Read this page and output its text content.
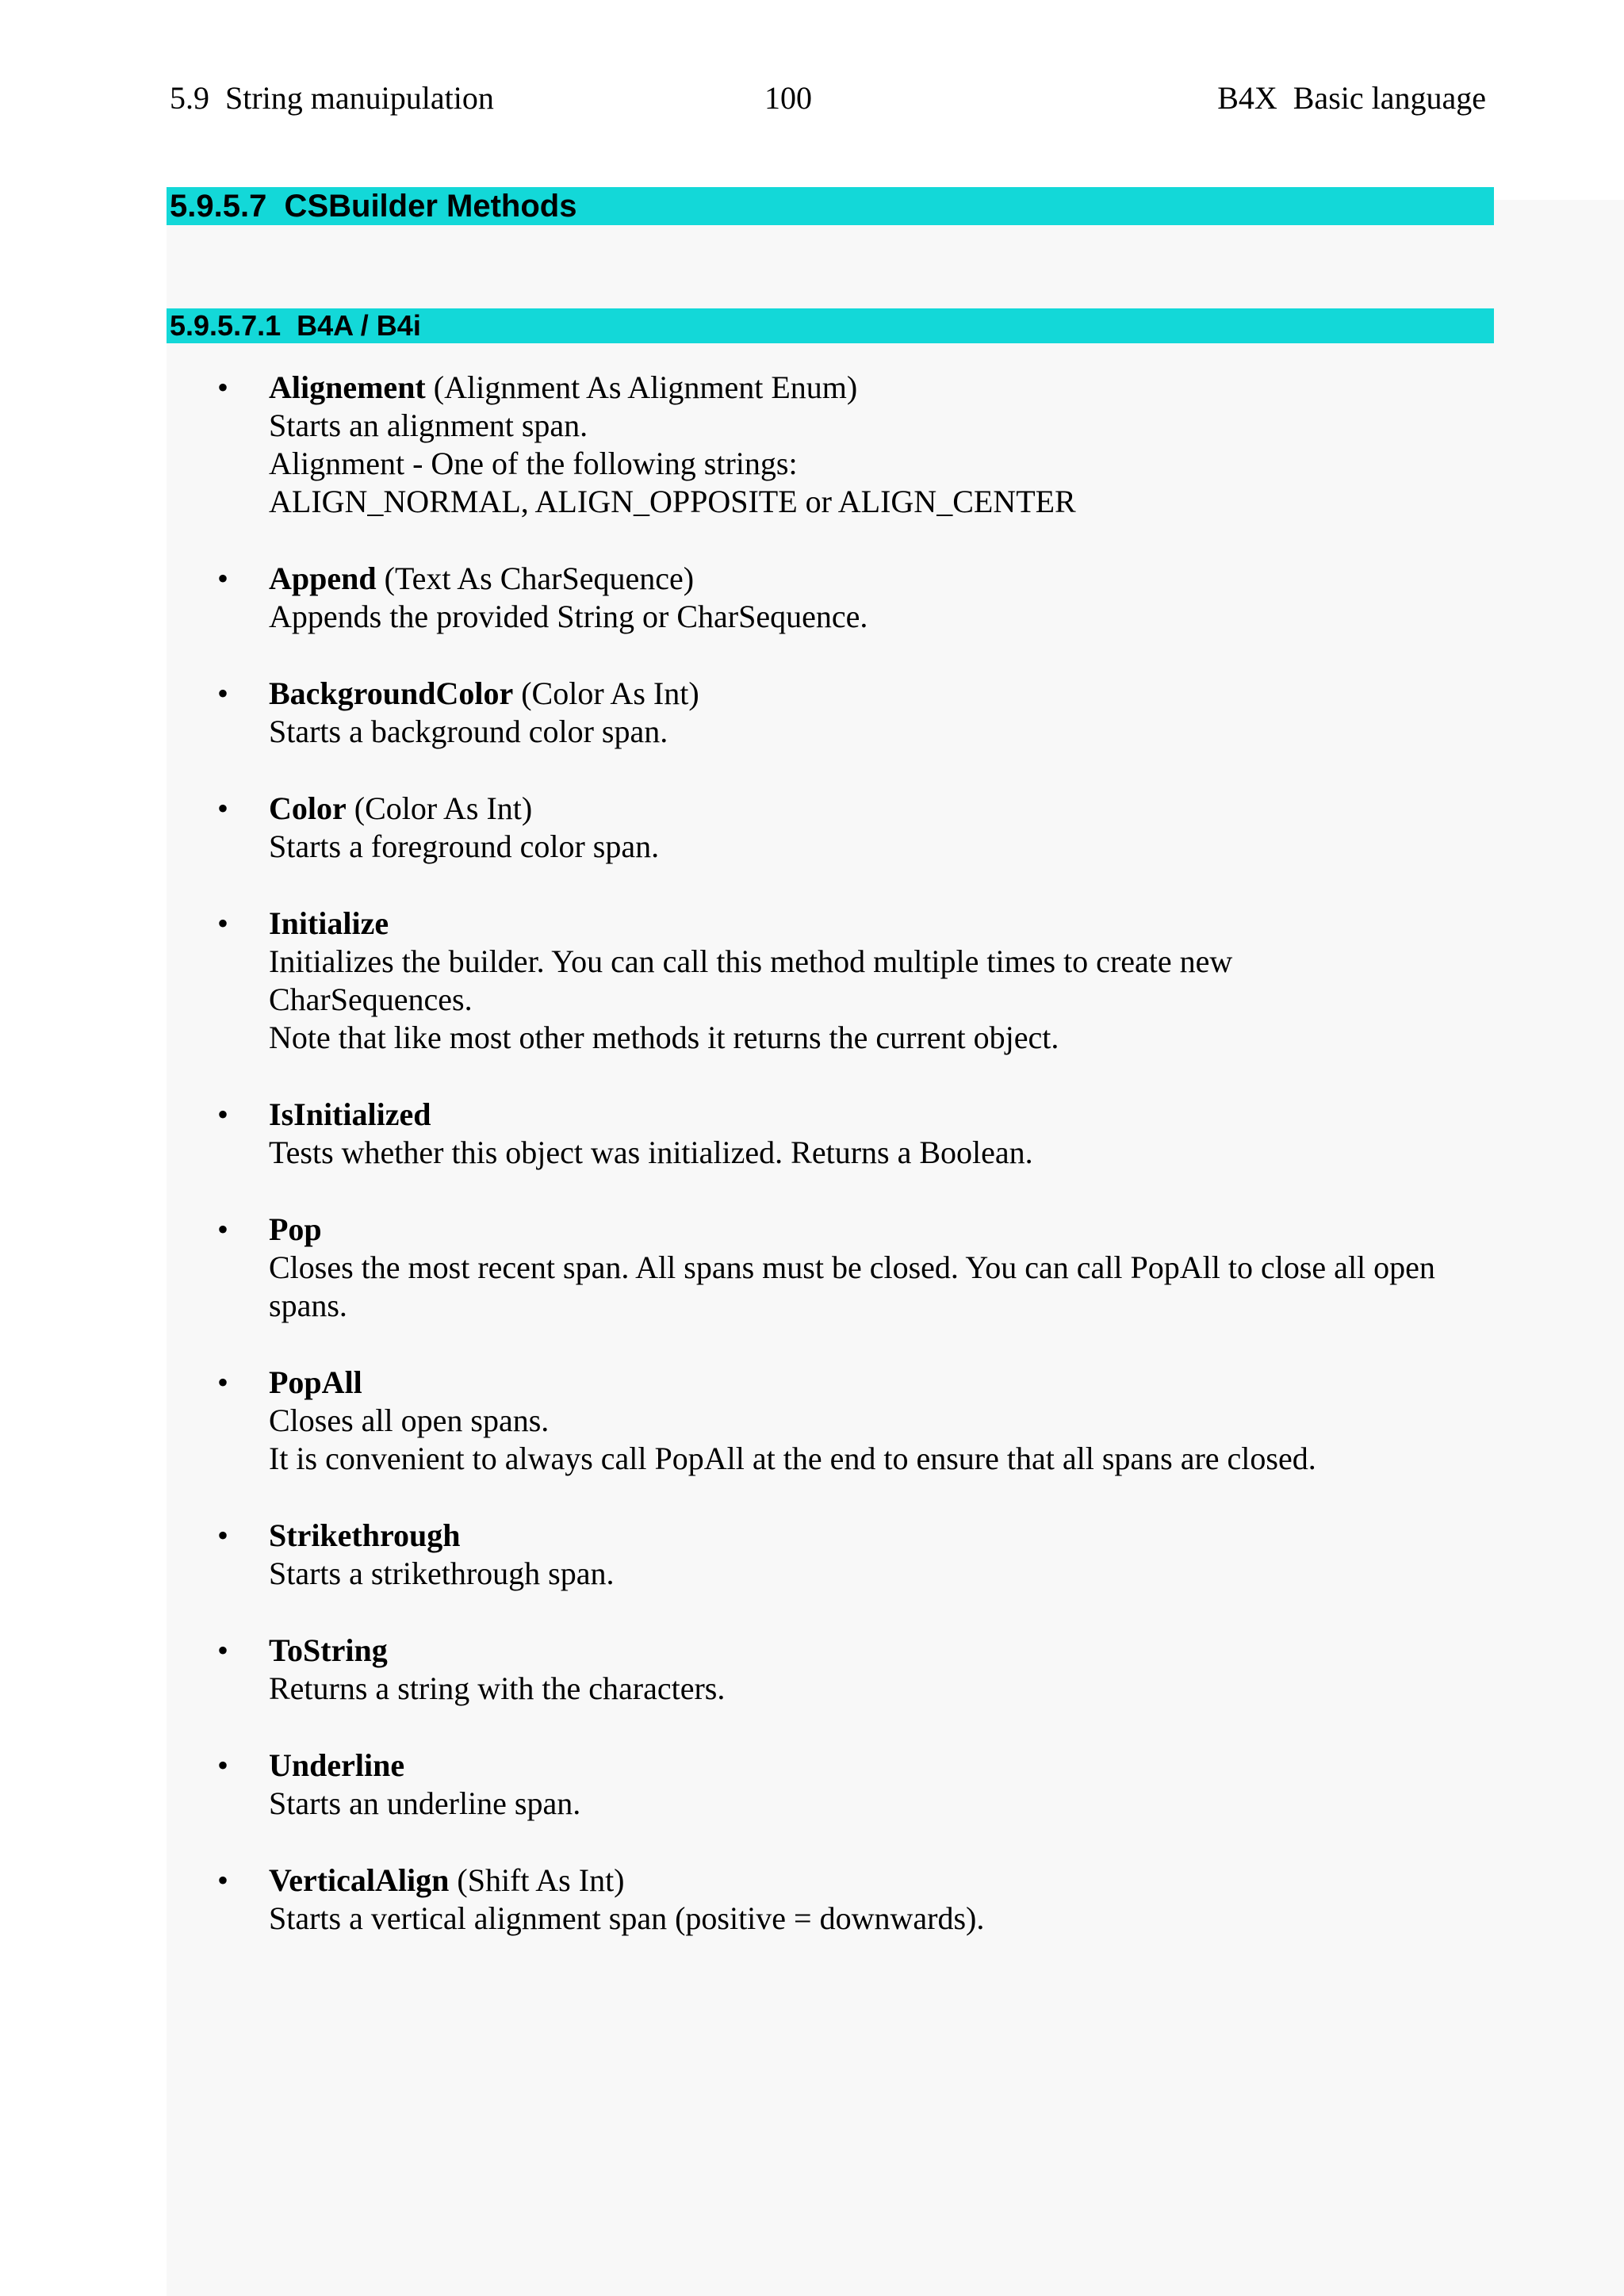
5.9  String manuipulation	100	B4X  Basic language
5.9.5.7  CSBuilder Methods
5.9.5.7.1  B4A / B4i
• Alignement (Alignment As Alignment Enum)
Starts an alignment span.
Alignment - One of the following strings:
ALIGN_NORMAL, ALIGN_OPPOSITE or ALIGN_CENTER
• Append (Text As CharSequence)
Appends the provided String or CharSequence.
• BackgroundColor (Color As Int)
Starts a background color span.
• Color (Color As Int)
Starts a foreground color span.
• Initialize
Initializes the builder. You can call this method multiple times to create new
CharSequences.
Note that like most other methods it returns the current object.
• IsInitialized
Tests whether this object was initialized. Returns a Boolean.
• Pop
Closes the most recent span. All spans must be closed. You can call PopAll to close all open
spans.
• PopAll
Closes all open spans.
It is convenient to always call PopAll at the end to ensure that all spans are closed.
• Strikethrough
Starts a strikethrough span.
• ToString
Returns a string with the characters.
• Underline
Starts an underline span.
• VerticalAlign (Shift As Int)
Starts a vertical alignment span (positive = downwards).
